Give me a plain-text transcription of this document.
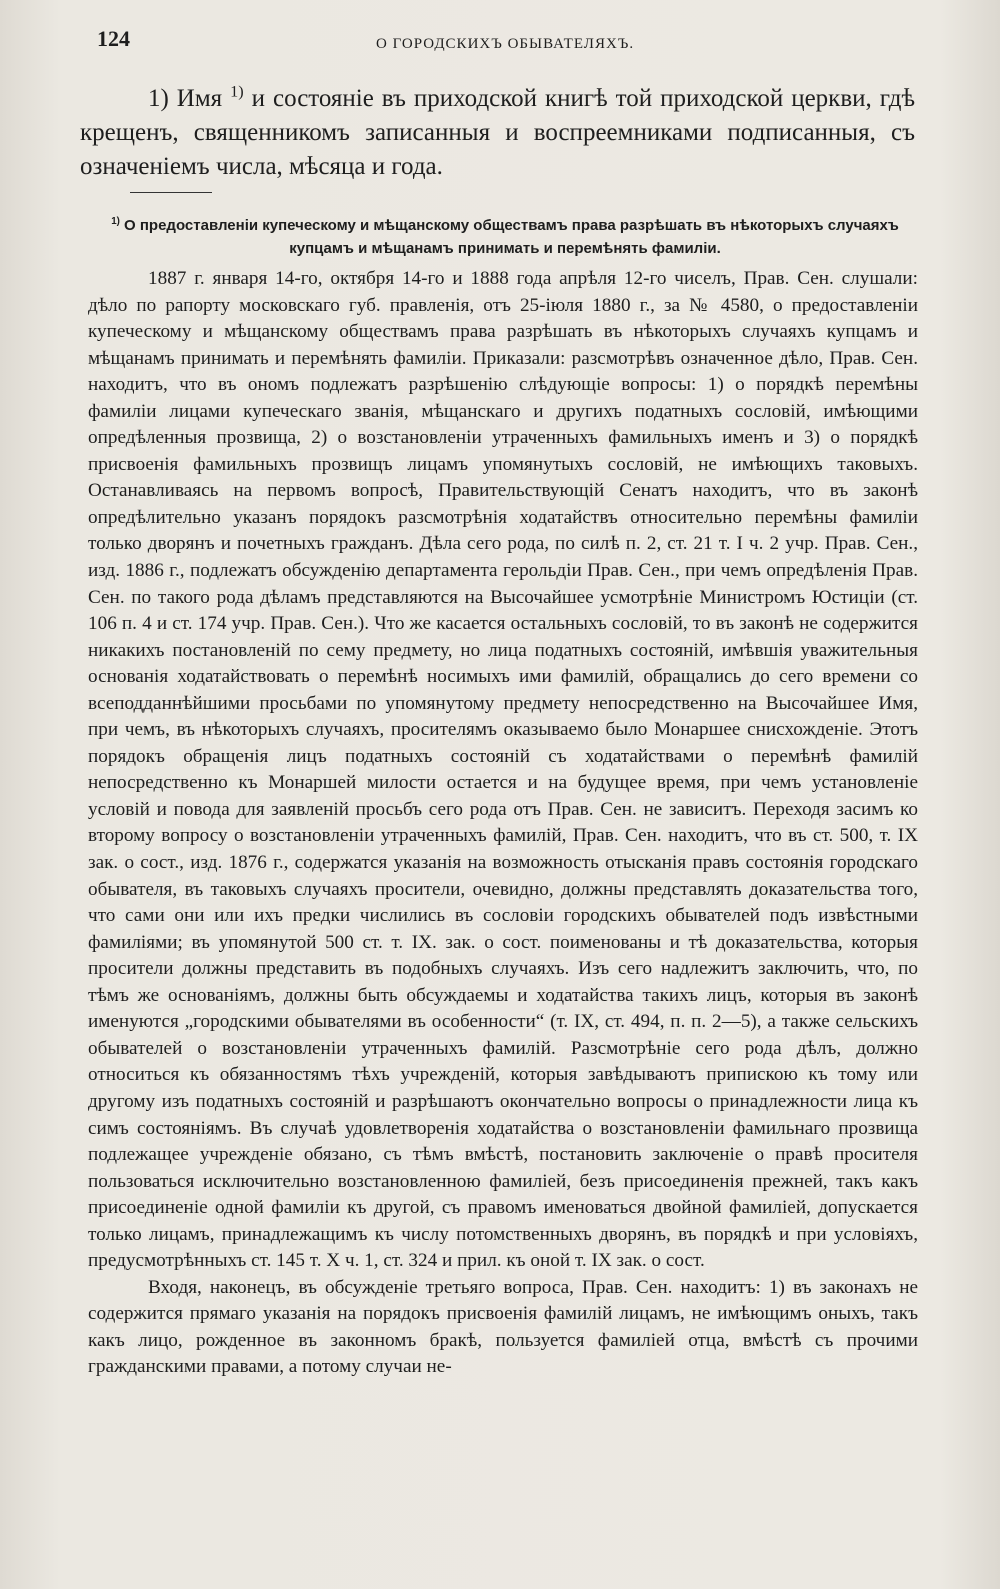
124	О ГОРОДСКИХЪ ОБЫВАТЕЛЯХЪ.

1) Имя $^{1)}$ и состояніе въ приходской книгѣ той приходской церкви, гдѣ крещенъ, священникомъ записанныя и воспреемниками подписанныя, съ означеніемъ числа, мѣсяца и года.

$^{1)}$ О предоставленіи купеческому и мѣщанскому обществамъ права разрѣшать въ нѣкоторыхъ случаяхъ купцамъ и мѣщанамъ принимать и перемѣнять фамиліи.

1887 г. января 14-го, октября 14-го и 1888 года апрѣля 12-го чиселъ, Прав. Сен. слушали: дѣло по рапорту московскаго губ. правленія, отъ 25-іюля 1880 г., за № 4580, о предоставленіи купеческому и мѣщанскому обществамъ права разрѣшать въ нѣкоторыхъ случаяхъ купцамъ и мѣщанамъ принимать и перемѣнять фамиліи. Приказали: разсмотрѣвъ означенное дѣло, Прав. Сен. находитъ, что въ ономъ подлежатъ разрѣшенію слѣдующіе вопросы: 1) о порядкѣ перемѣны фамиліи лицами купеческаго званія, мѣщанскаго и другихъ податныхъ сословій, имѣющими опредѣленныя прозвища, 2) о возстановленіи утраченныхъ фамильныхъ именъ и 3) о порядкѣ присвоенія фамильныхъ прозвищъ лицамъ упомянутыхъ сословій, не имѣющихъ таковыхъ. Останавливаясь на первомъ вопросѣ, Правительствующій Сенатъ находитъ, что въ законѣ опредѣлительно указанъ порядокъ разсмотрѣнія ходатайствъ относительно перемѣны фамиліи только дворянъ и почетныхъ гражданъ. Дѣла сего рода, по силѣ п. 2, ст. 21 т. I ч. 2 учр. Прав. Сен., изд. 1886 г., подлежатъ обсужденію департамента герольдіи Прав. Сен., при чемъ опредѣленія Прав. Сен. по такого рода дѣламъ представляются на Высочайшее усмотрѣніе Министромъ Юстиціи (ст. 106 п. 4 и ст. 174 учр. Прав. Сен.). Что же касается остальныхъ сословій, то въ законѣ не содержится никакихъ постановленій по сему предмету, но лица податныхъ состояній, имѣвшія уважительныя основанія ходатайствовать о перемѣнѣ носимыхъ ими фамилій, обращались до сего времени со всеподданнѣйшими просьбами по упомянутому предмету непосредственно на Высочайшее Имя, при чемъ, въ нѣкоторыхъ случаяхъ, просителямъ оказываемо было Монаршее снисхожденіе. Этотъ порядокъ обращенія лицъ податныхъ состояній съ ходатайствами о перемѣнѣ фамилій непосредственно къ Монаршей милости остается и на будущее время, при чемъ установленіе условій и повода для заявленій просьбъ сего рода отъ Прав. Сен. не зависитъ. Переходя засимъ ко второму вопросу о возстановленіи утраченныхъ фамилій, Прав. Сен. находитъ, что въ ст. 500, т. IX зак. о сост., изд. 1876 г., содержатся указанія на возможность отысканія правъ состоянія городскаго обывателя, въ таковыхъ случаяхъ просители, очевидно, должны представлять доказательства того, что сами они или ихъ предки числились въ сословіи городскихъ обывателей подъ извѣстными фамиліями; въ упомянутой 500 ст. т. IX. зак. о сост. поименованы и тѣ доказательства, которыя просители должны представить въ подобныхъ случаяхъ. Изъ сего надлежитъ заключить, что, по тѣмъ же основаніямъ, должны быть обсуждаемы и ходатайства такихъ лицъ, которыя въ законѣ именуются „городскими обывателями въ особенности“ (т. IX, ст. 494, п. п. 2—5), а также сельскихъ обывателей о возстановленіи утраченныхъ фамилій. Разсмотрѣніе сего рода дѣлъ, должно относиться къ обязанностямъ тѣхъ учрежденій, которыя завѣдываютъ припискою къ тому или другому изъ податныхъ состояній и разрѣшаютъ окончательно вопросы о принадлежности лица къ симъ состояніямъ. Въ случаѣ удовлетворенія ходатайства о возстановленіи фамильнаго прозвища подлежащее учрежденіе обязано, съ тѣмъ вмѣстѣ, постановить заключеніе о правѣ просителя пользоваться исключительно возстановленною фамиліей, безъ присоединенія прежней, такъ какъ присоединеніе одной фамиліи къ другой, съ правомъ именоваться двойной фамиліей, допускается только лицамъ, принадлежащимъ къ числу потомственныхъ дворянъ, въ порядкѣ и при условіяхъ, предусмотрѣнныхъ ст. 145 т. X ч. 1, ст. 324 и прил. къ оной т. IX зак. о сост.

Входя, наконецъ, въ обсужденіе третьяго вопроса, Прав. Сен. находитъ: 1) въ законахъ не содержится прямаго указанія на порядокъ присвоенія фамилій лицамъ, не имѣющимъ оныхъ, такъ какъ лицо, рожденное въ законномъ бракѣ, пользуется фамиліей отца, вмѣстѣ съ прочими гражданскими правами, а потому случаи не-
